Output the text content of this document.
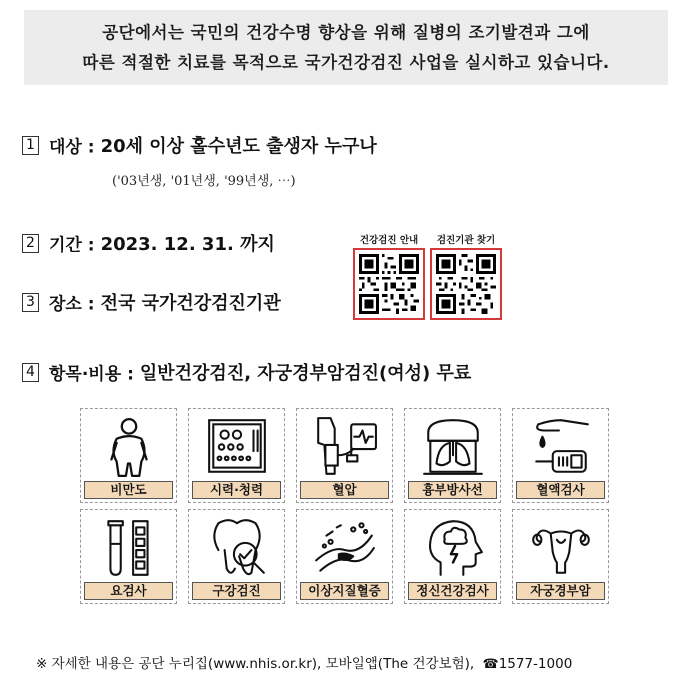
공단에서는 국민의 건강수명 향상을 위해 질병의 조기발견과 그에
따른 적절한 치료를 목적으로 국가건강검진 사업을 실시하고 있습니다.
1 대상 : 20세 이상 홀수년도 출생자 누구나
('03년생, '01년생, '99년생, ⋯)
2 기간 : 2023. 12. 31. 까지
3 장소 : 전국 국가건강검진기관
건강검진 안내	검진기관 찾기
4 항목·비용 : 일반건강검진, 자궁경부암검진(여성) 무료
비만도	시력·청력	혈압	흉부방사선	혈액검사
요검사	구강검진	이상지질혈증	정신건강검사	자궁경부암
※ 자세한 내용은 공단 누리집(www.nhis.or.kr), 모바일앱(The 건강보험), ☎1577-1000
